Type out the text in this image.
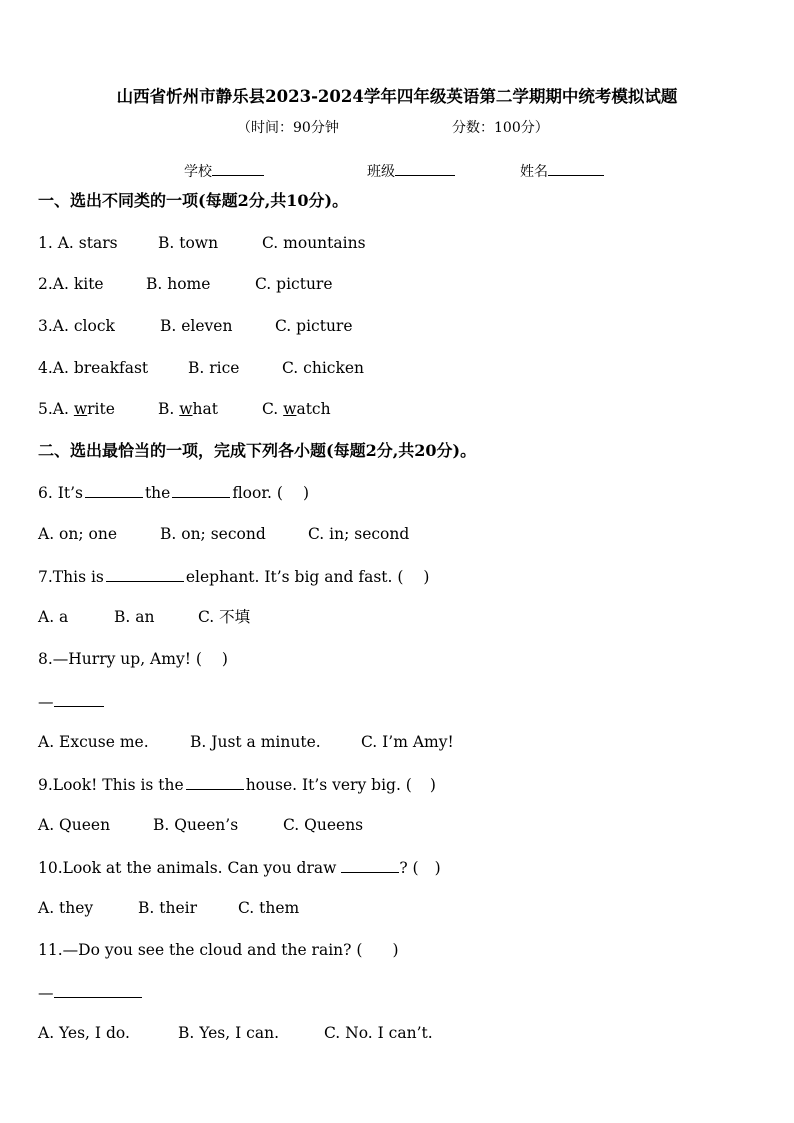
山西省忻州市静乐县2023-2024学年四年级英语第二学期期中统考模拟试题
（时间：90分钟	分数：100分）
学校	班级	姓名
一、选出不同类的一项(每题2分,共10分)。
1. A. stars	B. town	C. mountains
2.A. kite	B. home	C. picture
3.A. clock	B. eleven	C. picture
4.A. breakfast	B. rice	C. chicken
5.A. write	B. what	C. watch
二、选出最恰当的一项，完成下列各小题(每题2分,共20分)。
6. It’s	the	floor. ( )
A. on; one	B. on; second	C. in; second
7.This is	elephant. It’s big and fast. ( )
A. a	B. an	C. 不填
8.—Hurry up, Amy! ( )
—
A. Excuse me.	B. Just a minute.	C. I’m Amy!
9.Look! This is the	house. It’s very big. ( )
A. Queen	B. Queen’s	C. Queens
10.Look at the animals. Can you draw	? ( )
A. they	B. their	C. them
11.—Do you see the cloud and the rain? ( )
—
A. Yes, I do.	B. Yes, I can.	C. No. I can’t.
